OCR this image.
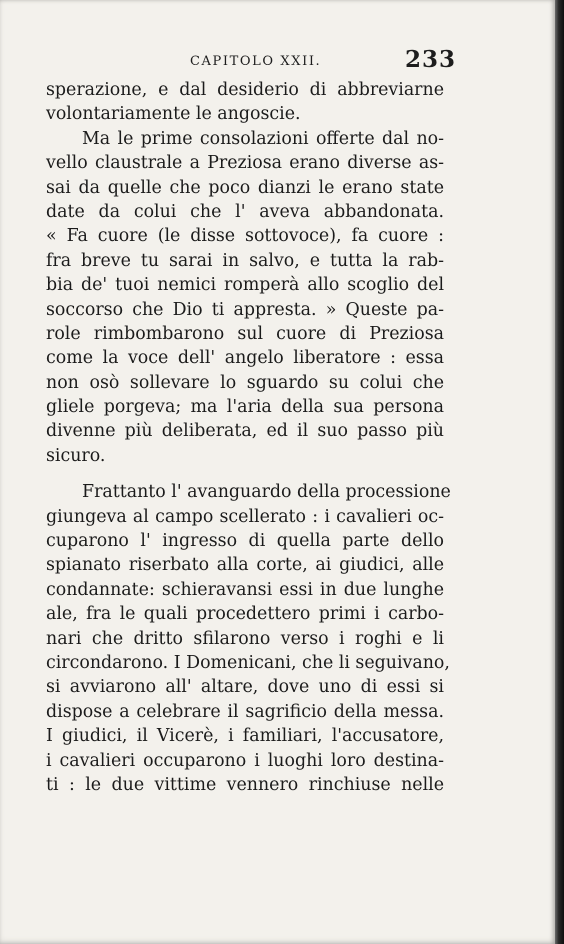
CAPITOLO XXII.	233
sperazione, e dal desiderio di abbreviarne
volontariamente le angoscie.
Ma le prime consolazioni offerte dal no-
vello claustrale a Preziosa erano diverse as-
sai da quelle che poco dianzi le erano state
date da colui che l' aveva abbandonata.
« Fa cuore (le disse sottovoce), fa cuore :
fra breve tu sarai in salvo, e tutta la rab-
bia de' tuoi nemici romperà allo scoglio del
soccorso che Dio ti appresta. » Queste pa-
role rimbombarono sul cuore di Preziosa
come la voce dell' angelo liberatore : essa
non osò sollevare lo sguardo su colui che
gliele porgeva; ma l'aria della sua persona
divenne più deliberata, ed il suo passo più
sicuro.
Frattanto l' avanguardo della processione
giungeva al campo scellerato : i cavalieri oc-
cuparono l' ingresso di quella parte dello
spianato riserbato alla corte, ai giudici, alle
condannate: schieravansi essi in due lunghe
ale, fra le quali procedettero primi i carbo-
nari che dritto sfilarono verso i roghi e li
circondarono. I Domenicani, che li seguivano,
si avviarono all' altare, dove uno di essi si
dispose a celebrare il sagrificio della messa.
I giudici, il Vicerè, i familiari, l'accusatore,
i cavalieri occuparono i luoghi loro destina-
ti : le due vittime vennero rinchiuse nelle
